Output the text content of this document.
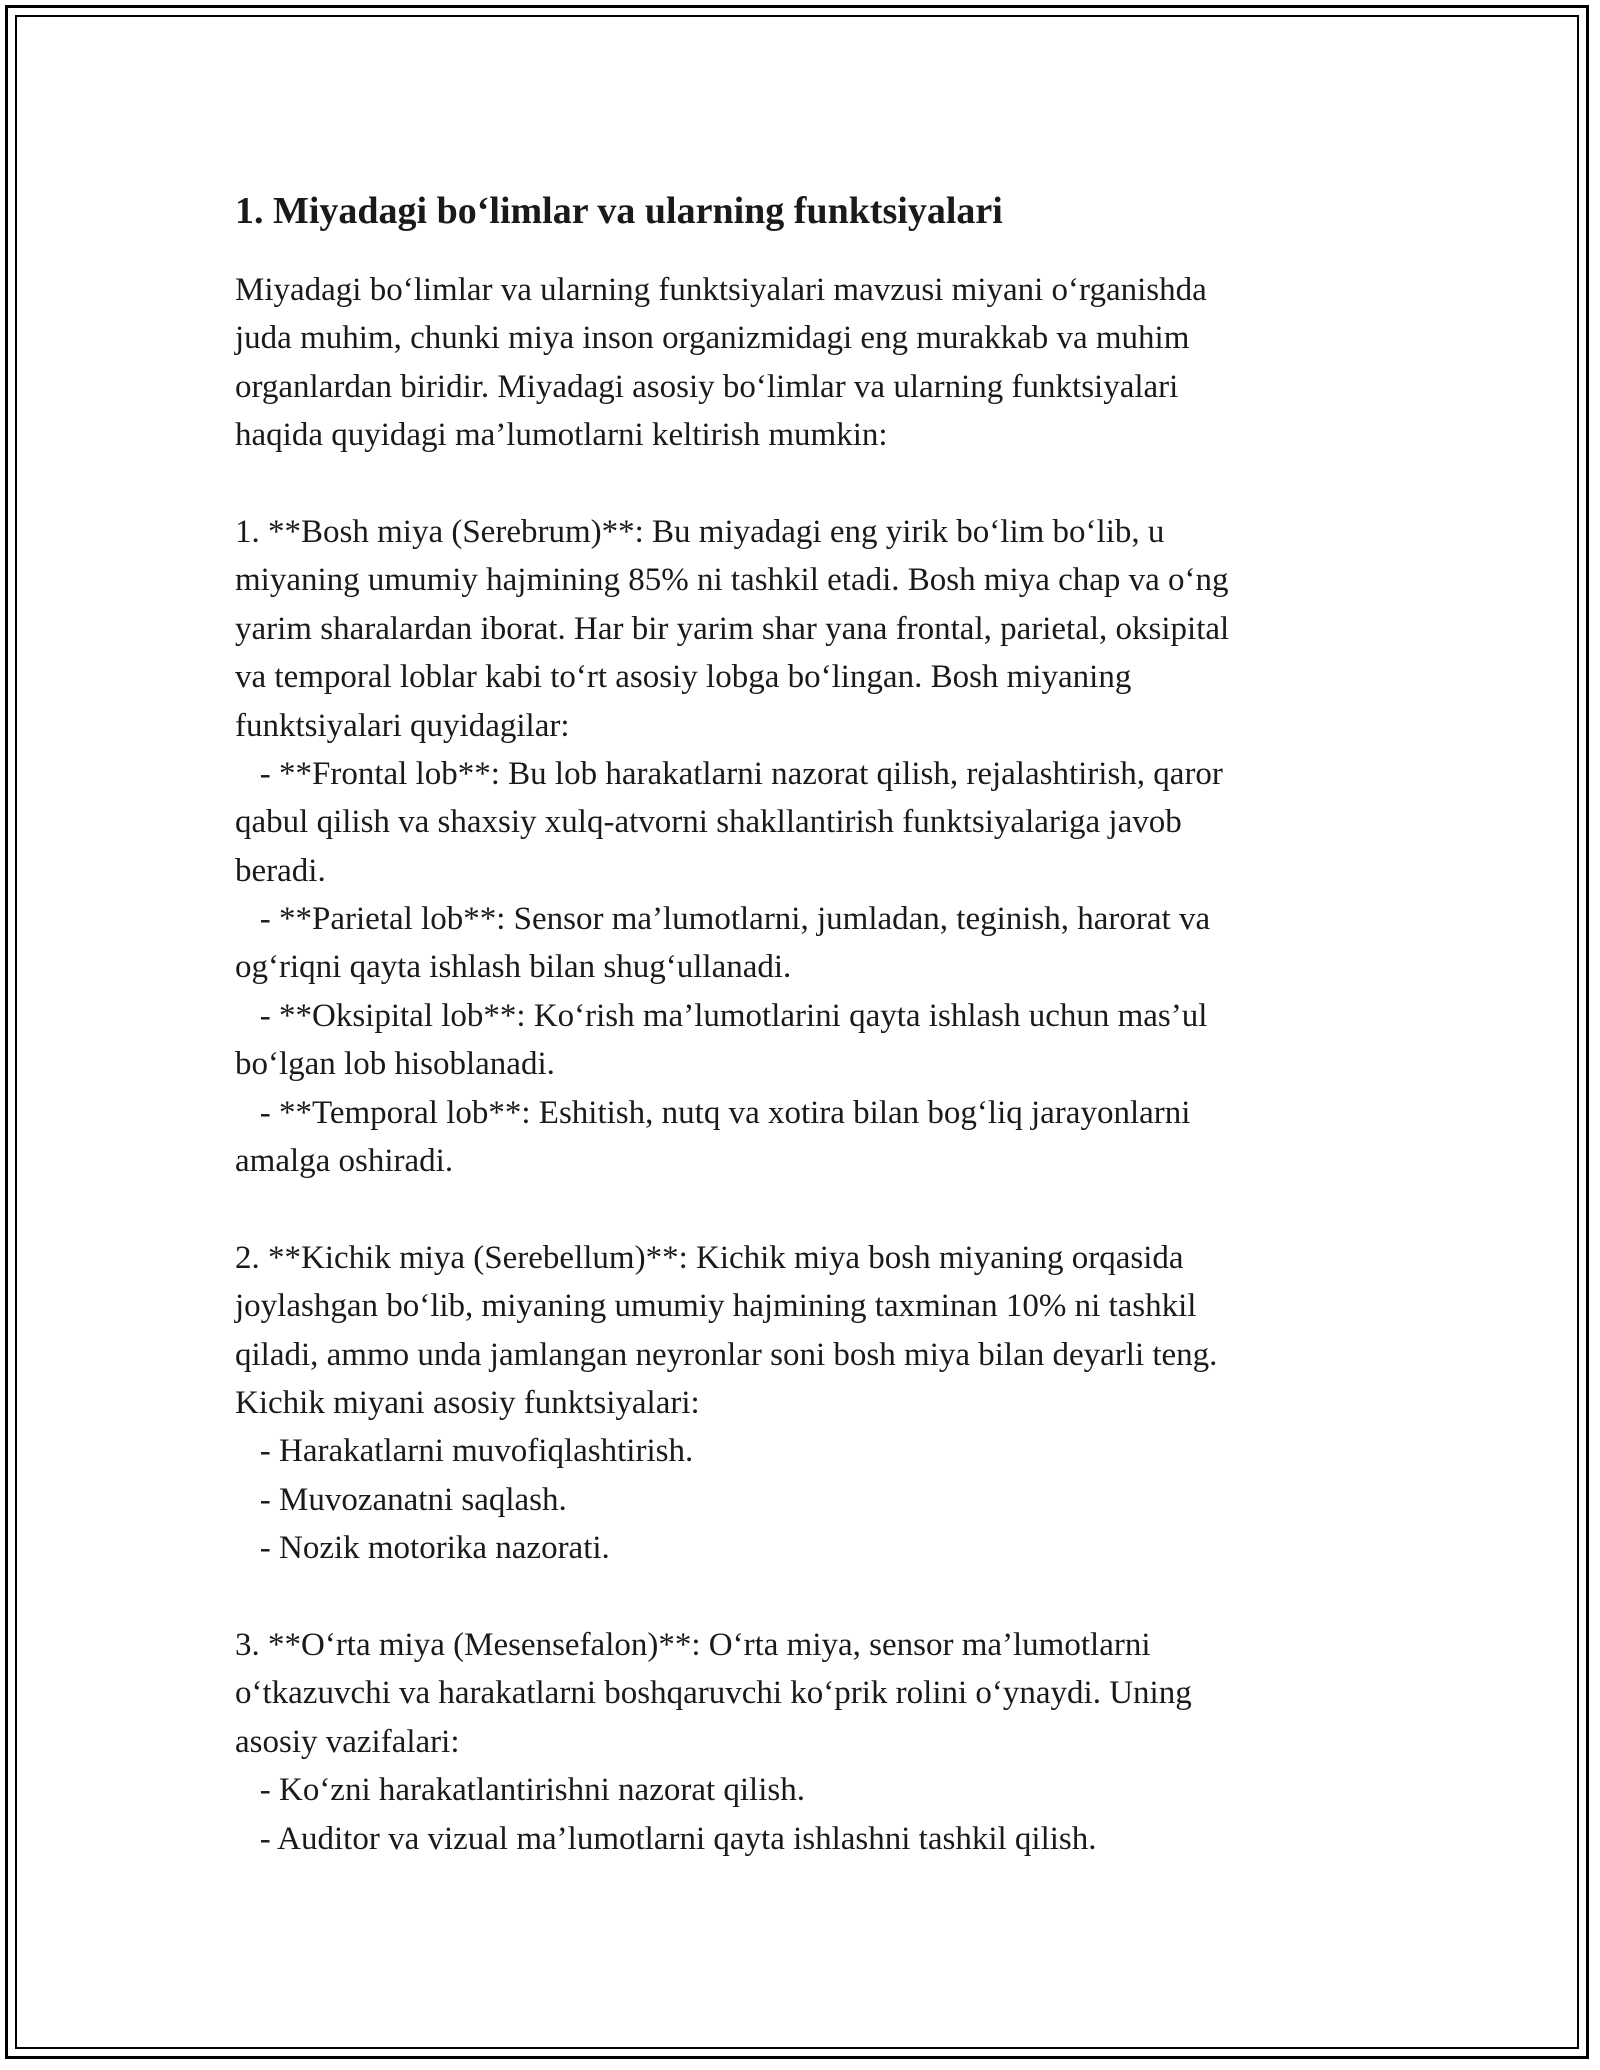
1. Miyadagi bo‘limlar va ularning funktsiyalari
Miyadagi bo‘limlar va ularning funktsiyalari mavzusi miyani o‘rganishda
juda muhim, chunki miya inson organizmidagi eng murakkab va muhim
organlardan biridir. Miyadagi asosiy bo‘limlar va ularning funktsiyalari
haqida quyidagi ma’lumotlarni keltirish mumkin:
1. **Bosh miya (Serebrum)**: Bu miyadagi eng yirik bo‘lim bo‘lib, u
miyaning umumiy hajmining 85% ni tashkil etadi. Bosh miya chap va o‘ng
yarim sharalardan iborat. Har bir yarim shar yana frontal, parietal, oksipital
va temporal loblar kabi to‘rt asosiy lobga bo‘lingan. Bosh miyaning
funktsiyalari quyidagilar:
- **Frontal lob**: Bu lob harakatlarni nazorat qilish, rejalashtirish, qaror
qabul qilish va shaxsiy xulq-atvorni shakllantirish funktsiyalariga javob
beradi.
- **Parietal lob**: Sensor ma’lumotlarni, jumladan, teginish, harorat va
og‘riqni qayta ishlash bilan shug‘ullanadi.
- **Oksipital lob**: Ko‘rish ma’lumotlarini qayta ishlash uchun mas’ul
bo‘lgan lob hisoblanadi.
- **Temporal lob**: Eshitish, nutq va xotira bilan bog‘liq jarayonlarni
amalga oshiradi.
2. **Kichik miya (Serebellum)**: Kichik miya bosh miyaning orqasida
joylashgan bo‘lib, miyaning umumiy hajmining taxminan 10% ni tashkil
qiladi, ammo unda jamlangan neyronlar soni bosh miya bilan deyarli teng.
Kichik miyani asosiy funktsiyalari:
- Harakatlarni muvofiqlashtirish.
- Muvozanatni saqlash.
- Nozik motorika nazorati.
3. **O‘rta miya (Mesensefalon)**: O‘rta miya, sensor ma’lumotlarni
o‘tkazuvchi va harakatlarni boshqaruvchi ko‘prik rolini o‘ynaydi. Uning
asosiy vazifalari:
- Ko‘zni harakatlantirishni nazorat qilish.
- Auditor va vizual ma’lumotlarni qayta ishlashni tashkil qilish.
